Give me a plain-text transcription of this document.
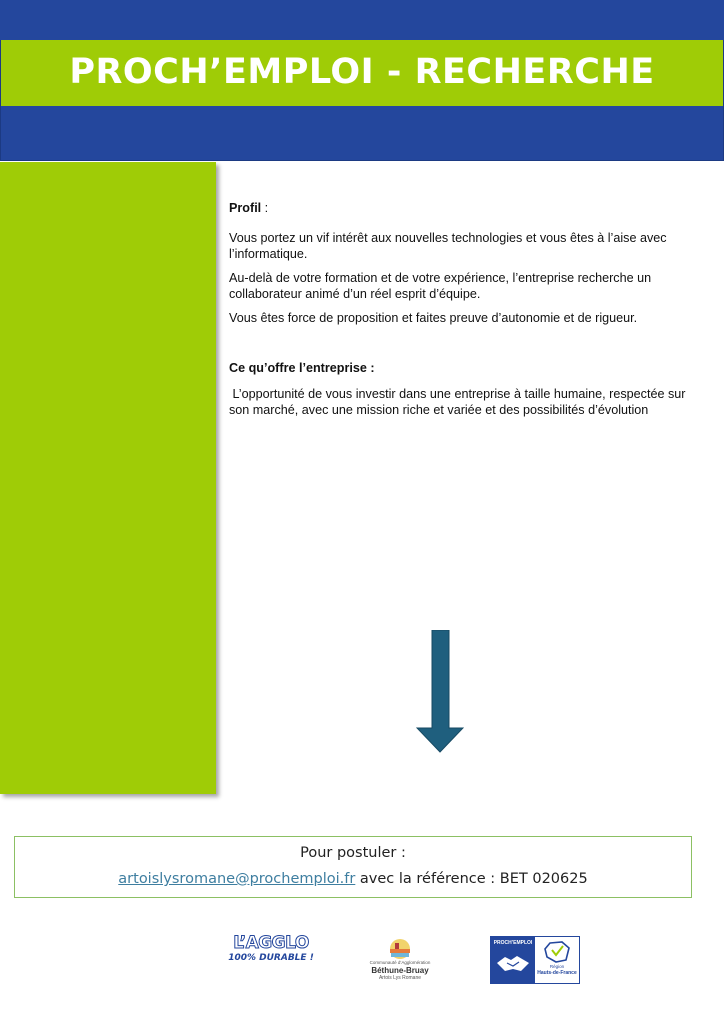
PROCH’EMPLOI - RECHERCHE

Profil :

Vous portez un vif intérêt aux nouvelles technologies et vous êtes à l’aise avec l’informatique.

Au-delà de votre formation et de votre expérience, l’entreprise recherche un collaborateur animé d’un réel esprit d’équipe.

Vous êtes force de proposition et faites preuve d’autonomie et de rigueur.

Ce qu’offre l’entreprise :

L’opportunité de vous investir dans une entreprise à taille humaine, respectée sur son marché, avec une mission riche et variée et des possibilités d’évolution

Pour postuler :
artoislysromane@prochemploi.fr avec la référence : BET 020625
L’AGGLO
100% DURABLE !	Communauté d’Agglomération
Béthune-Bruay
Artois Lys Romane
PROCH’EMPLOI
Région
Hauts-de-France
